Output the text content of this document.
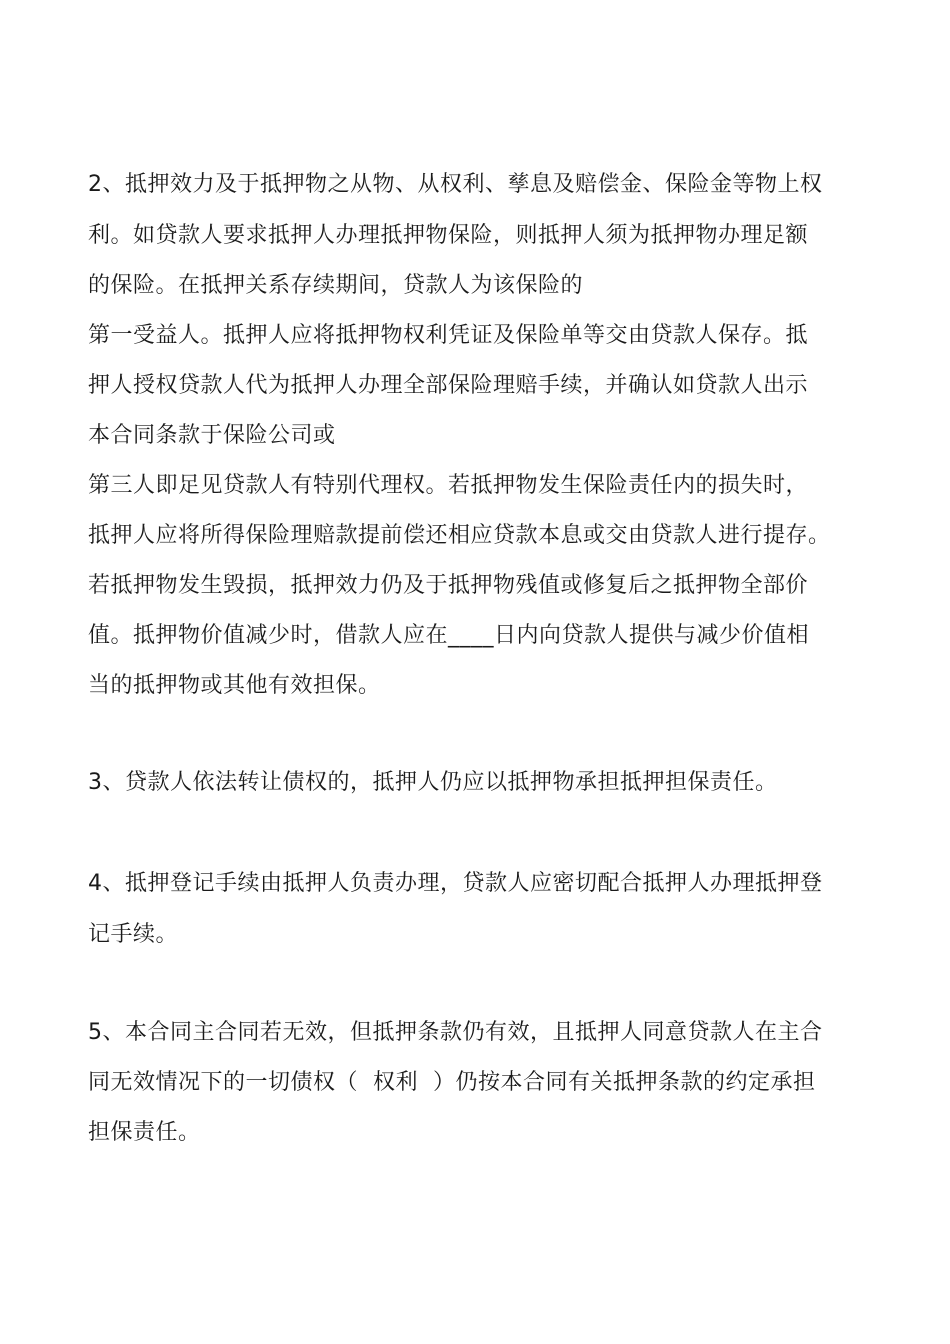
2、抵押效力及于抵押物之从物、从权利、孳息及赔偿金、保险金等物上权
利。如贷款人要求抵押人办理抵押物保险，则抵押人须为抵押物办理足额
的保险。在抵押关系存续期间，贷款人为该保险的
第一受益人。抵押人应将抵押物权利凭证及保险单等交由贷款人保存。抵
押人授权贷款人代为抵押人办理全部保险理赔手续，并确认如贷款人出示
本合同条款于保险公司或
第三人即足见贷款人有特别代理权。若抵押物发生保险责任内的损失时，
抵押人应将所得保险理赔款提前偿还相应贷款本息或交由贷款人进行提存。
若抵押物发生毁损，抵押效力仍及于抵押物残值或修复后之抵押物全部价
值。抵押物价值减少时，借款人应在____日内向贷款人提供与减少价值相
当的抵押物或其他有效担保。
3、贷款人依法转让债权的，抵押人仍应以抵押物承担抵押担保责任。
4、抵押登记手续由抵押人负责办理，贷款人应密切配合抵押人办理抵押登
记手续。
5、本合同主合同若无效，但抵押条款仍有效，且抵押人同意贷款人在主合
同无效情况下的一切债权（  权利  ）仍按本合同有关抵押条款的约定承担
担保责任。
